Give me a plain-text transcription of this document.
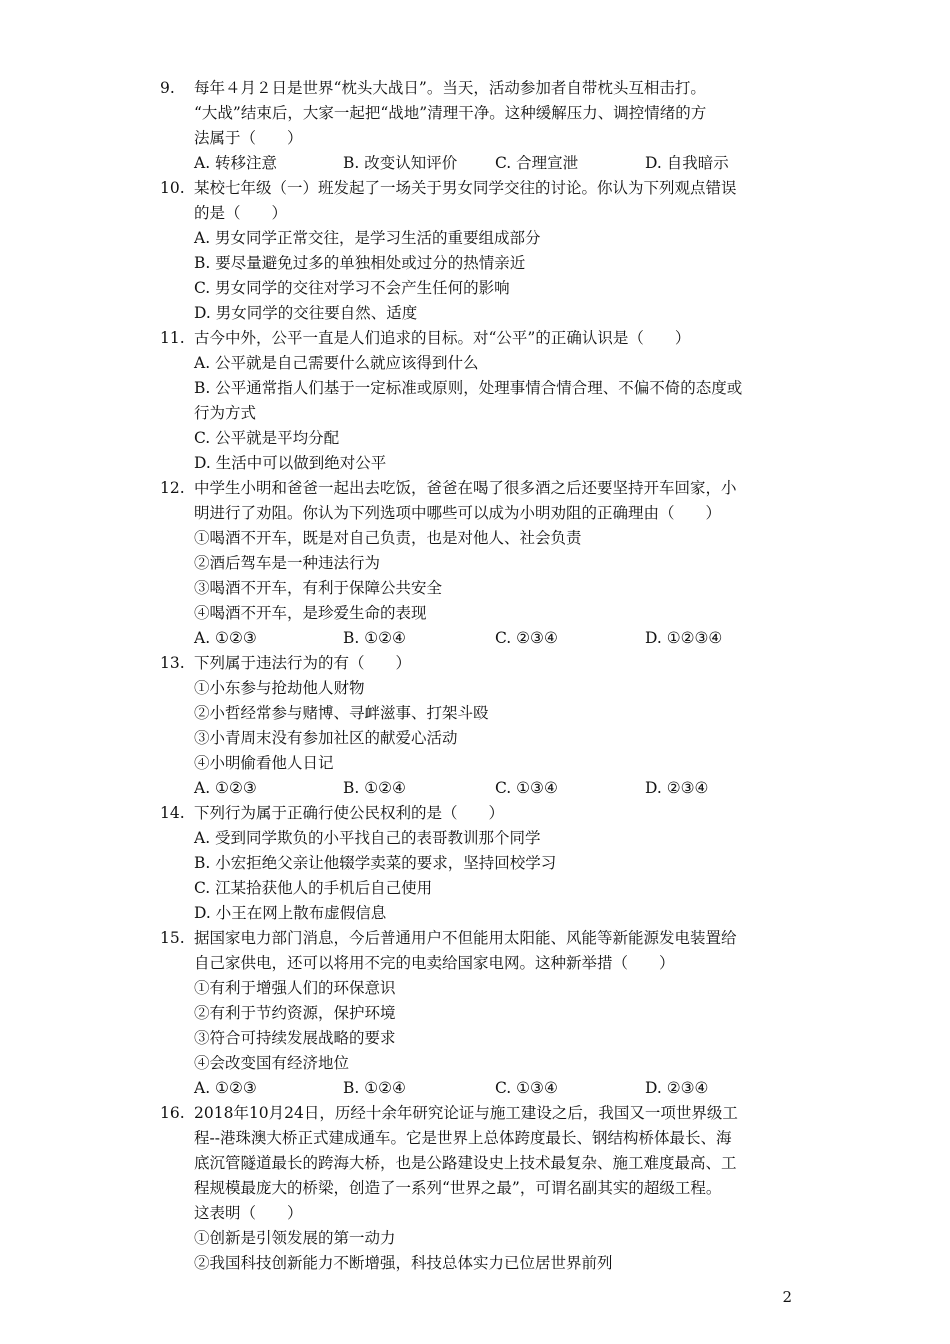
9. 每年４月２日是世界“枕头大战日”。当天，活动参加者自带枕头互相击打。
“大战”结束后，大家一起把“战地”清理干净。这种缓解压力、调控情绪的方
法属于（　　）
A. 转移注意	B. 改变认知评价 C. 合理宣泄	D. 自我暗示
10. 某校七年级（一）班发起了一场关于男女同学交往的讨论。你认为下列观点错误
的是（　　）
A. 男女同学正常交往，是学习生活的重要组成部分
B. 要尽量避免过多的单独相处或过分的热情亲近
C. 男女同学的交往对学习不会产生任何的影响
D. 男女同学的交往要自然、适度
11. 古今中外，公平一直是人们追求的目标。对“公平”的正确认识是（　　）
A. 公平就是自己需要什么就应该得到什么
B. 公平通常指人们基于一定标准或原则，处理事情合情合理、不偏不倚的态度或
行为方式
C. 公平就是平均分配
D. 生活中可以做到绝对公平
12. 中学生小明和爸爸一起出去吃饭，爸爸在喝了很多酒之后还要坚持开车回家，小
明进行了劝阻。你认为下列选项中哪些可以成为小明劝阻的正确理由（　　）
①喝酒不开车，既是对自己负责，也是对他人、社会负责
②酒后驾车是一种违法行为
③喝酒不开车，有利于保障公共安全
④喝酒不开车，是珍爱生命的表现
A. ①②③	B. ①②④	C. ②③④	D. ①②③④
13. 下列属于违法行为的有（　　）
①小东参与抢劫他人财物
②小哲经常参与赌博、寻衅滋事、打架斗殴
③小青周末没有参加社区的献爱心活动
④小明偷看他人日记
A. ①②③	B. ①②④	C. ①③④	D. ②③④
14. 下列行为属于正确行使公民权利的是（　　）
A. 受到同学欺负的小平找自己的表哥教训那个同学
B. 小宏拒绝父亲让他辍学卖菜的要求，坚持回校学习
C. 江某拾获他人的手机后自己使用
D. 小王在网上散布虚假信息
15. 据国家电力部门消息，今后普通用户不但能用太阳能、风能等新能源发电装置给
自己家供电，还可以将用不完的电卖给国家电网。这种新举措（　　）
①有利于增强人们的环保意识
②有利于节约资源，保护环境
③符合可持续发展战略的要求
④会改变国有经济地位
A. ①②③	B. ①②④	C. ①③④	D. ②③④
16. 2018年10月24日，历经十余年研究论证与施工建设之后，我国又一项世界级工
程--港珠澳大桥正式建成通车。它是世界上总体跨度最长、钢结构桥体最长、海
底沉管隧道最长的跨海大桥，也是公路建设史上技术最复杂、施工难度最高、工
程规模最庞大的桥梁，创造了一系列“世界之最”，可谓名副其实的超级工程。
这表明（　　）
①创新是引领发展的第一动力
②我国科技创新能力不断增强，科技总体实力已位居世界前列
2
